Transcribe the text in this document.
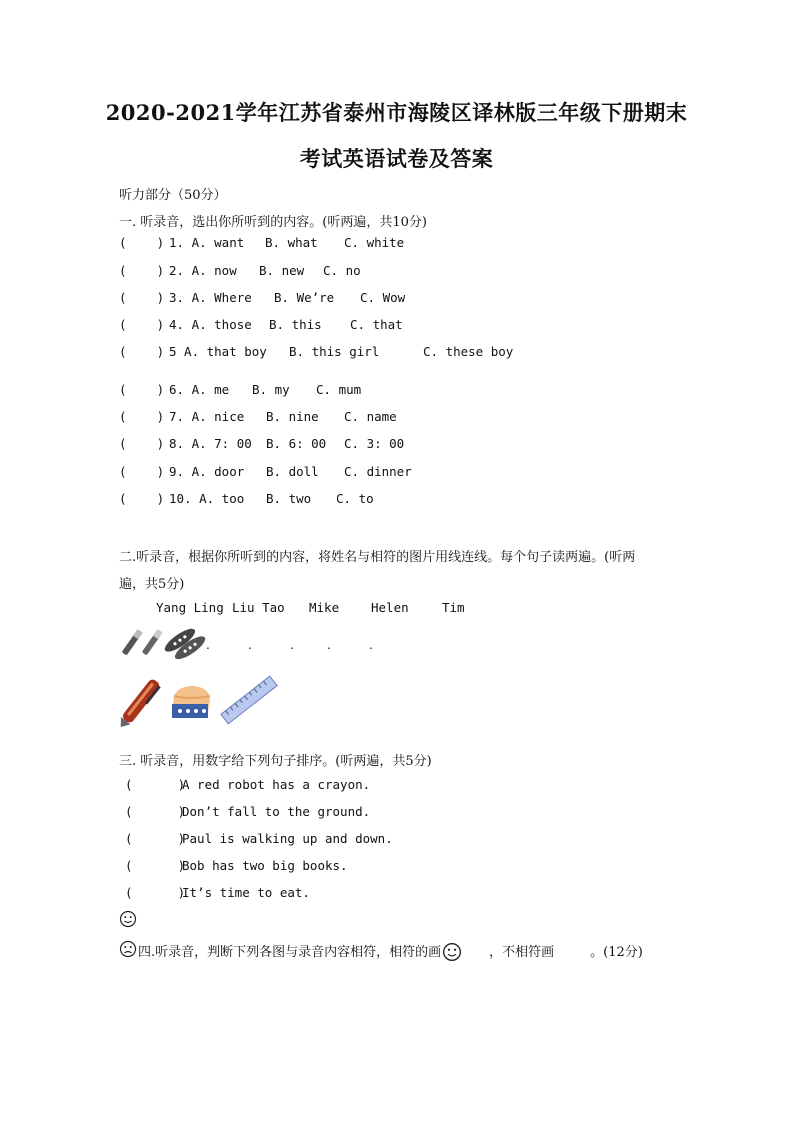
2020-2021学年江苏省泰州市海陵区译林版三年级下册期末
考试英语试卷及答案
听力部分（50分）
一. 听录音，选出你所听到的内容。(听两遍，共10分)
(    ) 1. A. want B. what C. white
(    ) 2. A. now B. new C. no
(    ) 3. A. Where B. We’re C. Wow
(    ) 4. A. those B. this C. that
(    ) 5 A. that boy B. this girl	C. these boy
(    ) 6. A. me B. my C. mum
(    ) 7. A. nice B. nine C. name
(    ) 8. A. 7: 00 B. 6: 00 C. 3: 00
(    ) 9. A. door B. doll C. dinner
(    ) 10. A. too B. two C. to
二.听录音，根据你所听到的内容，将姓名与相符的图片用线连线。每个句子读两遍。(听两
遍，共5分)
Yang Ling Liu Tao Mike	Helen	Tim
.	.	.	.	.
三. 听录音，用数字给下列句子排序。(听两遍，共5分)
(      )
A red robot has a crayon.
(      )
Don’t fall to the ground.
(      )
Paul is walking up and down.
(      )
Bob has two big books.
(      )
It’s time to eat.
四.听录音，判断下列各图与录音内容相符，相符的画	，不相符画	。(12分)
